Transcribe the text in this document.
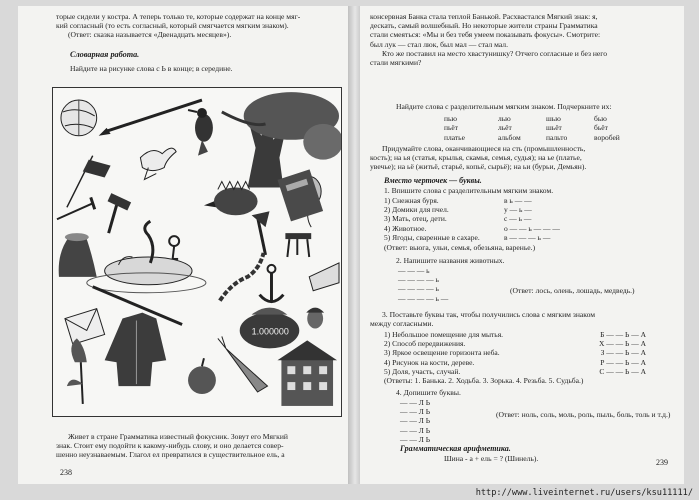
торые сидели у костра. А теперь только те, которые содержат на конце мяг-
кий согласный (то есть согласный, который смягчается мягким знаком).
(Ответ: сказка называется «Двенадцать месяцев»).
Словарная работа.
Найдите на рисунке слова с Ь в конце; в середине.
1.000000
Живет в стране Грамматика известный фокусник. Зовут его Мягкий
знак. Стоит ему подойти к какому-нибудь слову, и оно делается совер-
шенно неузнаваемым. Глагол ел превратился в существительное ель, а
238
консервная Банка стала теплой Банькой. Расхвастался Мягкий знак: я,
дескать, самый волшебный. Но некоторые жители страны Грамматика
стали смеяться: «Мы и без тебя умеем показывать фокусы». Смотрите:
был лук — стал люк, был мал — стал мал.
Кто же поставил на место хвастунишку? Отчего согласные и без него
стали мягкими?
Найдите слова с разделительным мягким знаком. Подчеркните их:
пью	лью	шью	бью
пьёт	льёт	шьёт	бьёт
платье	альбом	пальто	воробей
Придумайте слова, оканчивающиеся на сть (промышленность,
кость); на ья (статья, крылья, скамья, семья, судья); на ье (платье,
увечье); на ьё (житьё, старьё, копьё, сырьё); на ьи (бурьи, Демьян).
Вместо черточек — буквы.
1. Впишите слова с разделительным мягким знаком.
1) Снежная буря.	в ь — —
2) Домики для пчел.	у — ь —
3) Мать, отец, дети.	с — ь —
4) Животное.	о — — ь — — —
5) Ягоды, сваренные в сахаре.	в — — — ь —
(Ответ: вьюга, ульи, семья, обезьяна, варенье.)
2. Напишите названия животных.
— — — ь
— — — — ь
— — — — ь
— — — — ь —
(Ответ: лось, олень, лошадь, медведь.)
3. Поставьте буквы так, чтобы получились слова с мягким знаком
между согласными.
1) Небольшое помещение для мытья.	Б — — Ь — А
2) Способ передвижения.	Х — — Ь — А
3) Яркое освещение горизонта неба.	З — — Ь — А
4) Рисунок на кости, дереве.	Р — — Ь — А
5) Доля, участь, случай.	С — — Ь — А
(Ответы: 1. Банька. 2. Ходьба. 3. Зорька. 4. Резьба. 5. Судьба.)
4. Допишите буквы.
— — Л Ь
— — Л Ь
— — Л Ь
— — Л Ь
— — Л Ь
(Ответ: ноль, соль, моль, роль, пыль, боль, толь и т.д.)
Грамматическая арифметика.
Шина - а + ель = ? (Шинель).	239
http://www.liveinternet.ru/users/ksu11111/
